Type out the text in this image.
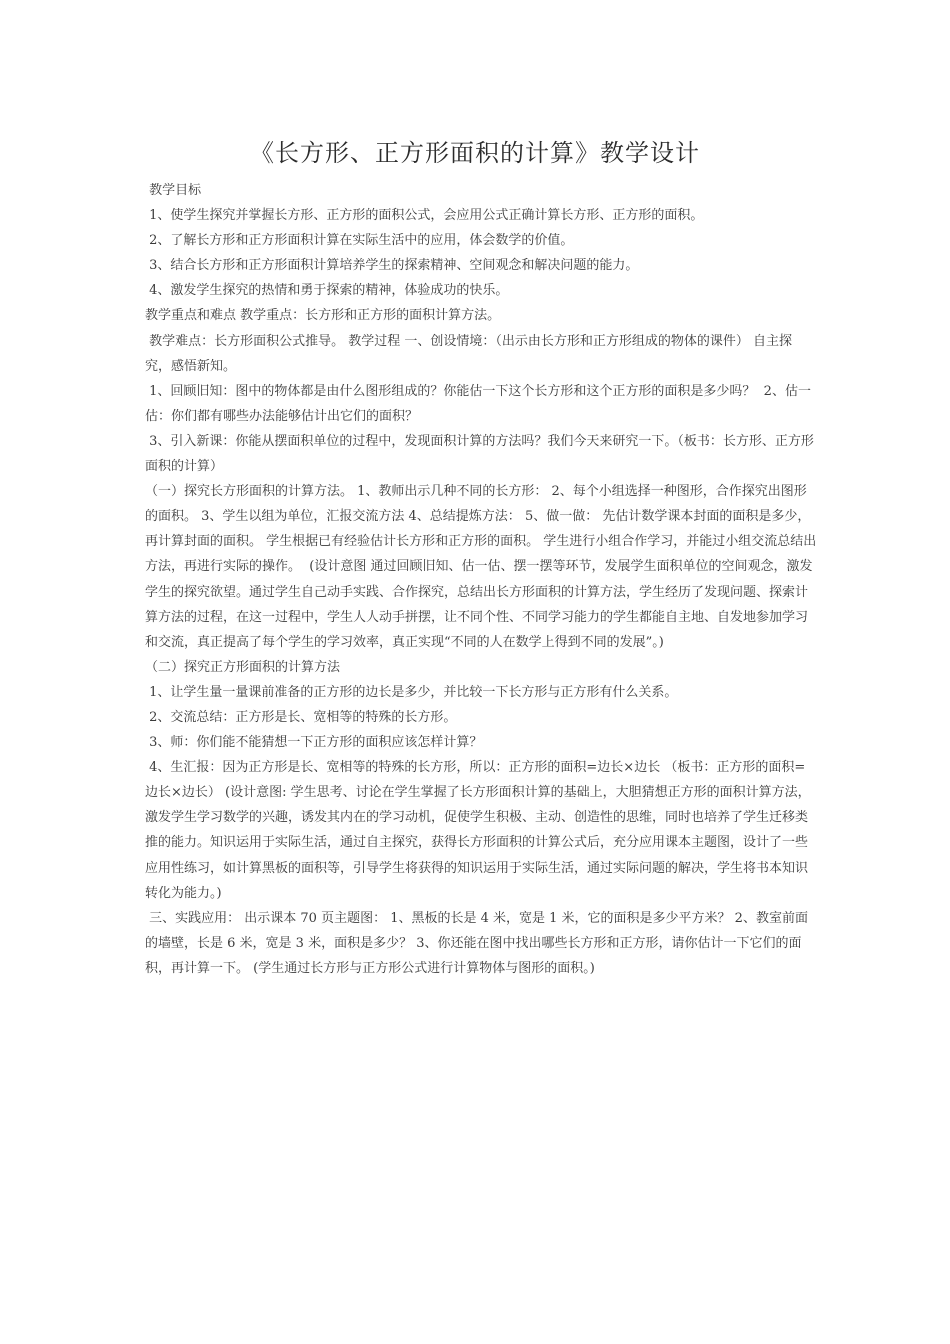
《长方形、正方形面积的计算》教学设计

教学目标

1、使学生探究并掌握长方形、正方形的面积公式，会应用公式正确计算长方形、正方形的面积。

2、了解长方形和正方形面积计算在实际生活中的应用，体会数学的价值。

3、结合长方形和正方形面积计算培养学生的探索精神、空间观念和解决问题的能力。

4、激发学生探究的热情和勇于探索的精神，体验成功的快乐。

教学重点和难点 教学重点：长方形和正方形的面积计算方法。

教学难点：长方形面积公式推导。 教学过程 一、创设情境：（出示由长方形和正方形组成的物体的课件） 自主探究，感悟新知。

1、回顾旧知：图中的物体都是由什么图形组成的？你能估一下这个长方形和这个正方形的面积是多少吗？  2、估一估：你们都有哪些办法能够估计出它们的面积？

3、引入新课：你能从摆面积单位的过程中，发现面积计算的方法吗？我们今天来研究一下。（板书：长方形、正方形面积的计算）

（一）探究长方形面积的计算方法。 1、教师出示几种不同的长方形： 2、每个小组选择一种图形，合作探究出图形的面积。 3、学生以组为单位，汇报交流方法 4、总结提炼方法： 5、做一做： 先估计数学课本封面的面积是多少，再计算封面的面积。 学生根据已有经验估计长方形和正方形的面积。 学生进行小组合作学习，并能过小组交流总结出方法，再进行实际的操作。  (设计意图 通过回顾旧知、估一估、摆一摆等环节，发展学生面积单位的空间观念，激发学生的探究欲望。通过学生自己动手实践、合作探究，总结出长方形面积的计算方法，学生经历了发现问题、探索计算方法的过程，在这一过程中，学生人人动手拼摆，让不同个性、不同学习能力的学生都能自主地、自发地参加学习和交流，真正提高了每个学生的学习效率，真正实现“不同的人在数学上得到不同的发展”。)

（二）探究正方形面积的计算方法

1、让学生量一量课前准备的正方形的边长是多少，并比较一下长方形与正方形有什么关系。

2、交流总结：正方形是长、宽相等的特殊的长方形。

3、师：你们能不能猜想一下正方形的面积应该怎样计算？

4、生汇报：因为正方形是长、宽相等的特殊的长方形，所以：正方形的面积=边长×边长 （板书：正方形的面积=边长×边长） (设计意图: 学生思考、讨论在学生掌握了长方形面积计算的基础上，大胆猜想正方形的面积计算方法，激发学生学习数学的兴趣，诱发其内在的学习动机，促使学生积极、主动、创造性的思维，同时也培养了学生迁移类推的能力。知识运用于实际生活，通过自主探究，获得长方形面积的计算公式后，充分应用课本主题图，设计了一些应用性练习，如计算黑板的面积等，引导学生将获得的知识运用于实际生活，通过实际问题的解决，学生将书本知识转化为能力。)

三、实践应用： 出示课本 70 页主题图： 1、黑板的长是 4 米，宽是 1 米，它的面积是多少平方米？ 2、教室前面的墙壁，长是 6 米，宽是 3 米，面积是多少？ 3、你还能在图中找出哪些长方形和正方形，请你估计一下它们的面积，再计算一下。 (学生通过长方形与正方形公式进行计算物体与图形的面积。)
